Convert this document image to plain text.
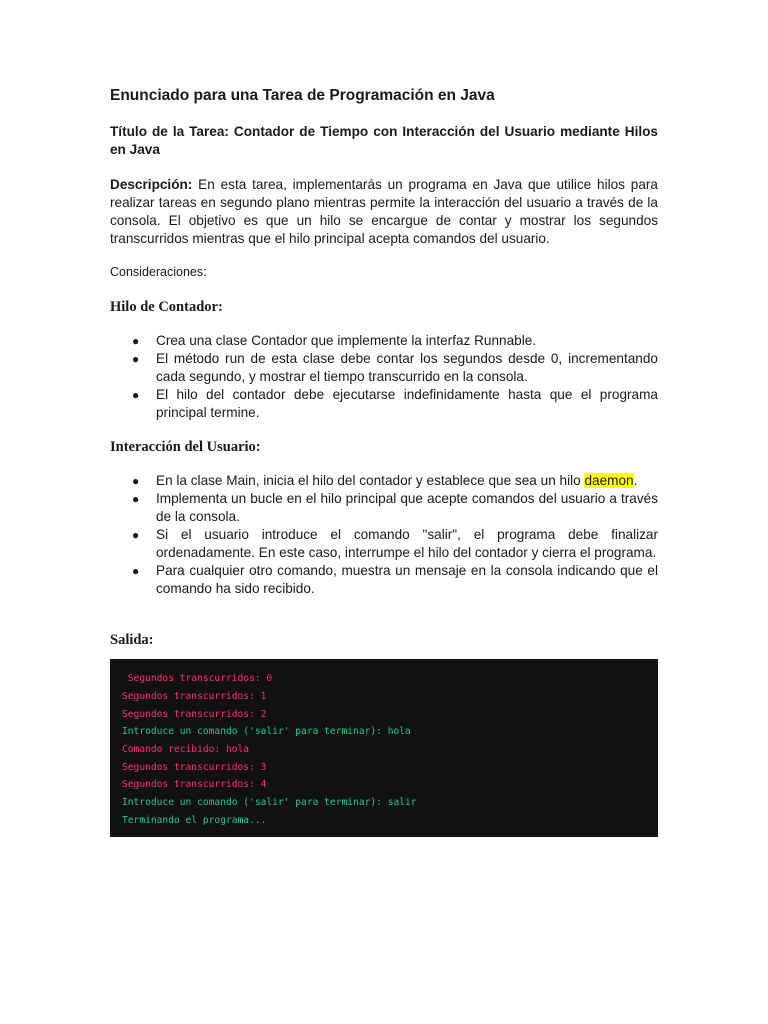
Enunciado para una Tarea de Programación en Java

Título de la Tarea: Contador de Tiempo con Interacción del Usuario mediante Hilos en Java

Descripción: En esta tarea, implementarás un programa en Java que utilice hilos para realizar tareas en segundo plano mientras permite la interacción del usuario a través de la consola. El objetivo es que un hilo se encargue de contar y mostrar los segundos transcurridos mientras que el hilo principal acepta comandos del usuario.

Consideraciones:

Hilo de Contador:
● Crea una clase Contador que implemente la interfaz Runnable.
● El método run de esta clase debe contar los segundos desde 0, incrementando cada segundo, y mostrar el tiempo transcurrido en la consola.
● El hilo del contador debe ejecutarse indefinidamente hasta que el programa principal termine.
Interacción del Usuario:
● En la clase Main, inicia el hilo del contador y establece que sea un hilo daemon.
● Implementa un bucle en el hilo principal que acepte comandos del usuario a través de la consola.
● Si el usuario introduce el comando "salir", el programa debe finalizar ordenadamente. En este caso, interrumpe el hilo del contador y cierra el programa.
● Para cualquier otro comando, muestra un mensaje en la consola indicando que el comando ha sido recibido.
Salida:
Segundos transcurridos: 0
Segundos transcurridos: 1
Segundos transcurridos: 2
Introduce un comando ('salir' para terminar): hola
Comando recibido: hola
Segundos transcurridos: 3
Segundos transcurridos: 4
Introduce un comando ('salir' para terminar): salir
Terminando el programa...
